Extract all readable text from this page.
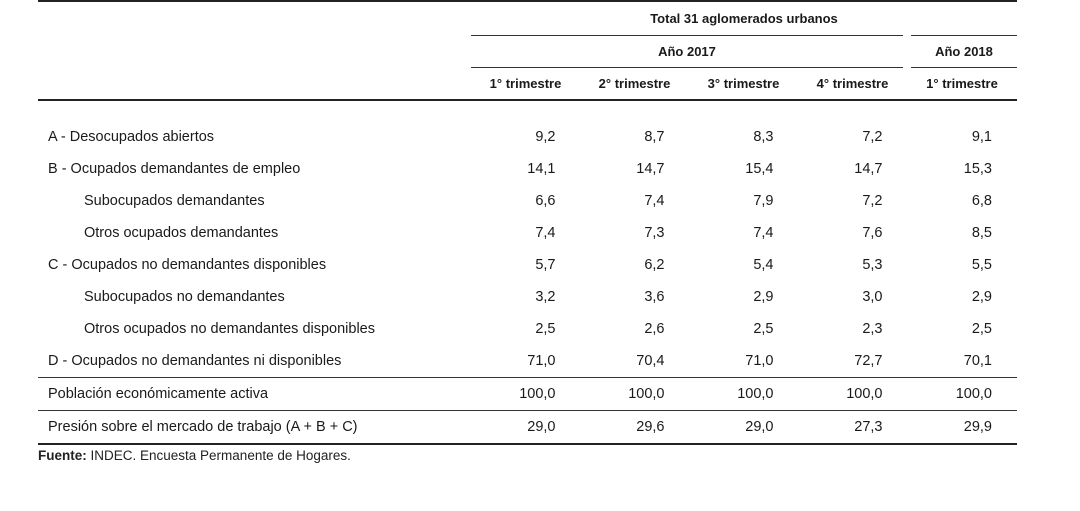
	Total 31 aglomerados urbanos				
	Año 2017				Año 2018
	1° trimestre	2° trimestre	3° trimestre	4° trimestre	1° trimestre

A - Desocupados abiertos	9,2	8,7	8,3	7,2	9,1
B - Ocupados demandantes de empleo	14,1	14,7	15,4	14,7	15,3
Subocupados demandantes	6,6	7,4	7,9	7,2	6,8
Otros ocupados demandantes	7,4	7,3	7,4	7,6	8,5
C - Ocupados no demandantes disponibles	5,7	6,2	5,4	5,3	5,5
Subocupados no demandantes	3,2	3,6	2,9	3,0	2,9
Otros ocupados no demandantes disponibles	2,5	2,6	2,5	2,3	2,5
D - Ocupados no demandantes ni disponibles	71,0	70,4	71,0	72,7	70,1
Población económicamente activa	100,0	100,0	100,0	100,0	100,0
Presión sobre el mercado de trabajo (A + B + C)	29,0	29,6	29,0	27,3	29,9
Fuente: INDEC. Encuesta Permanente de Hogares.
